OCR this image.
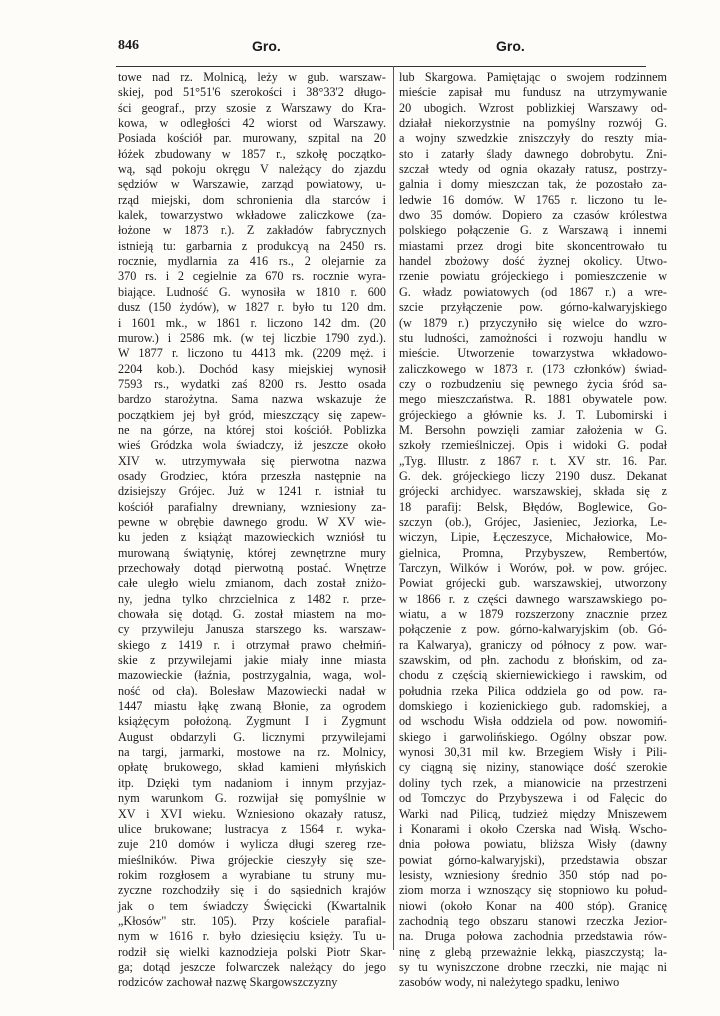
846	Gro.	Gro.
towe nad rz. Molnicą, leży w gub. warszaw-
skiej, pod 51°51'6 szerokości i 38°33'2 długo-
ści geograf., przy szosie z Warszawy do Kra-
kowa, w odległości 42 wiorst od Warszawy.
Posiada kościół par. murowany, szpital na 20
łóżek zbudowany w 1857 r., szkołę początko-
wą, sąd pokoju okręgu V należący do zjazdu
sędziów w Warszawie, zarząd powiatowy, u-
rząd miejski, dom schronienia dla starców i
kalek, towarzystwo wkładowe zaliczkowe (za-
łożone w 1873 r.). Z zakładów fabrycznych
istnieją tu: garbarnia z produkcyą na 2450 rs.
rocznie, mydlarnia za 416 rs., 2 olejarnie za
370 rs. i 2 cegielnie za 670 rs. rocznie wyra-
biające. Ludność G. wynosiła w 1810 r. 600
dusz (150 żydów), w 1827 r. było tu 120 dm.
i 1601 mk., w 1861 r. liczono 142 dm. (20
murow.) i 2586 mk. (w tej liczbie 1790 zyd.).
W 1877 r. liczono tu 4413 mk. (2209 męż. i
2204 kob.). Dochód kasy miejskiej wynosił
7593 rs., wydatki zaś 8200 rs. Jestto osada
bardzo starożytna. Sama nazwa wskazuje że
początkiem jej był gród, mieszczący się zapew-
ne na górze, na której stoi kościół. Poblizka
wieś Gródzka wola świadczy, iż jeszcze około
XIV w. utrzymywała się pierwotna nazwa
osady Grodziec, która przeszła następnie na
dzisiejszy Grójec. Już w 1241 r. istniał tu
kościół parafialny drewniany, wzniesiony za-
pewne w obrębie dawnego grodu. W XV wie-
ku jeden z książąt mazowieckich wzniósł tu
murowaną świątynię, której zewnętrzne mury
przechowały dotąd pierwotną postać. Wnętrze
całe uległo wielu zmianom, dach został zniżo-
ny, jedna tylko chrzcielnica z 1482 r. prze-
chowała się dotąd. G. został miastem na mo-
cy przywileju Janusza starszego ks. warszaw-
skiego z 1419 r. i otrzymał prawo chełmiń-
skie z przywilejami jakie miały inne miasta
mazowieckie (łaźnia, postrzygalnia, waga, wol-
ność od cła). Bolesław Mazowiecki nadał w
1447 miastu łąkę zwaną Błonie, za ogrodem
książęcym położoną. Zygmunt I i Zygmunt
August obdarzyli G. licznymi przywilejami
na targi, jarmarki, mostowe na rz. Molnicy,
opłatę brukowego, skład kamieni młyńskich
itp. Dzięki tym nadaniom i innym przyjaz-
nym warunkom G. rozwijał się pomyślnie w
XV i XVI wieku. Wzniesiono okazały ratusz,
ulice brukowane; lustracya z 1564 r. wyka-
zuje 210 domów i wylicza długi szereg rze-
mieślników. Piwa grójeckie cieszyły się sze-
rokim rozgłosem a wyrabiane tu struny mu-
zyczne rozchodziły się i do sąsiednich krajów
jak o tem świadczy Święcicki (Kwartalnik
„Kłosów" str. 105). Przy kościele parafial-
nym w 1616 r. było dziesięciu księży. Tu u-
rodził się wielki kaznodzieja polski Piotr Skar-
ga; dotąd jeszcze folwarczek należący do jego
rodziców zachował nazwę Skargowszczyzny
lub Skargowa. Pamiętając o swojem rodzinnem
mieście zapisał mu fundusz na utrzymywanie
20 ubogich. Wzrost poblizkiej Warszawy od-
działał niekorzystnie na pomyślny rozwój G.
a wojny szwedzkie zniszczyły do reszty mia-
sto i zatarły ślady dawnego dobrobytu. Zni-
szczał wtedy od ognia okazały ratusz, postrzy-
galnia i domy mieszczan tak, że pozostało za-
ledwie 16 domów. W 1765 r. liczono tu le-
dwo 35 domów. Dopiero za czasów królestwa
polskiego połączenie G. z Warszawą i innemi
miastami przez drogi bite skoncentrowało tu
handel zbożowy dość żyznej okolicy. Utwo-
rzenie powiatu grójeckiego i pomieszczenie w
G. władz powiatowych (od 1867 r.) a wre-
szcie przyłączenie pow. górno-kalwaryjskiego
(w 1879 r.) przyczyniło się wielce do wzro-
stu ludności, zamożności i rozwoju handlu w
mieście. Utworzenie towarzystwa wkładowo-
zaliczkowego w 1873 r. (173 członków) świad-
czy o rozbudzeniu się pewnego życia śród sa-
mego mieszczaństwa. R. 1881 obywatele pow.
grójeckiego a głównie ks. J. T. Lubomirski i
M. Bersohn powzięli zamiar założenia w G.
szkoły rzemieślniczej. Opis i widoki G. podał
„Tyg. Illustr. z 1867 r. t. XV str. 16. Par.
G. dek. grójeckiego liczy 2190 dusz. Dekanat
grójecki archidyec. warszawskiej, składa się z
18 parafij: Belsk, Błędów, Boglewice, Go-
szczyn (ob.), Grójec, Jasieniec, Jeziorka, Le-
wiczyn, Lipie, Łęczeszyce, Michałowice, Mo-
gielnica, Promna, Przybyszew, Rembertów,
Tarczyn, Wilków i Worów, poł. w pow. grójec.
Powiat grójecki gub. warszawskiej, utworzony
w 1866 r. z części dawnego warszawskiego po-
wiatu, a w 1879 rozszerzony znacznie przez
połączenie z pow. górno-kalwaryjskim (ob. Gó-
ra Kalwarya), graniczy od północy z pow. war-
szawskim, od płn. zachodu z błońskim, od za-
chodu z częścią skierniewickiego i rawskim, od
południa rzeka Pilica oddziela go od pow. ra-
domskiego i kozienickiego gub. radomskiej, a
od wschodu Wisła oddziela od pow. nowomiń-
skiego i garwolińskiego. Ogólny obszar pow.
wynosi 30,31 mil kw. Brzegiem Wisły i Pili-
cy ciągną się niziny, stanowiące dość szerokie
doliny tych rzek, a mianowicie na przestrzeni
od Tomczyc do Przybyszewa i od Falęcic do
Warki nad Pilicą, tudzież między Mniszewem
i Konarami i około Czerska nad Wisłą. Wscho-
dnia połowa powiatu, bliższa Wisły (dawny
powiat górno-kalwaryjski), przedstawia obszar
lesisty, wzniesiony średnio 350 stóp nad po-
ziom morza i wznoszący się stopniowo ku połud-
niowi (około Konar na 400 stóp). Granicę
zachodnią tego obszaru stanowi rzeczka Jezior-
na. Druga połowa zachodnia przedstawia rów-
ninę z glebą przeważnie lekką, piaszczystą; la-
sy tu wyniszczone drobne rzeczki, nie mając ni
zasobów wody, ni należytego spadku, leniwo
